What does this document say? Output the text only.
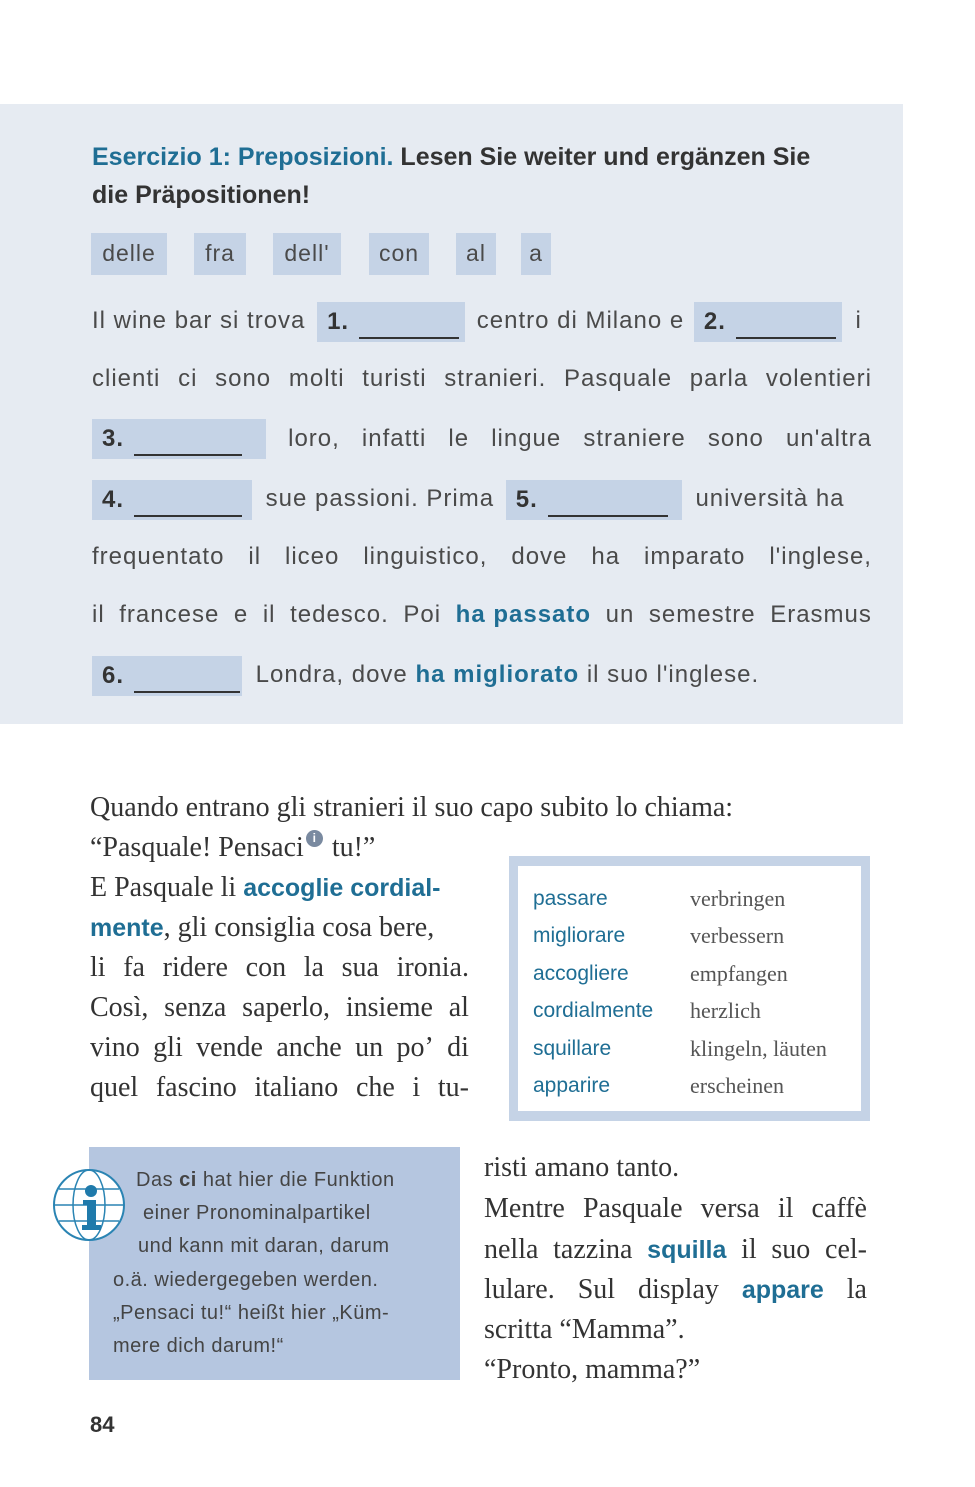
Esercizio 1: Preposizioni. Lesen Sie weiter und ergänzen Sie
die Präpositionen!
delle	fra	dell'	con	al	a
Il wine bar si trova 1.	centro di Milano e 2.	i
clienti ci sono molti turisti stranieri. Pasquale parla volentieri
3.	loro, infatti le lingue straniere sono un'altra
4.	sue passioni. Prima 5.	università ha
frequentato il liceo linguistico, dove ha imparato l'inglese,
il francese e il tedesco. Poi ha passato un semestre Erasmus
6.	Londra, dove ha migliorato il suo l'inglese.
Quando entrano gli stranieri il suo capo subito lo chiama:
“Pasquale! Pensaci i tu!”
E Pasquale li accoglie cordial-
mente, gli consiglia cosa bere,
li fa ridere con la sua ironia.
Così, senza saperlo, insieme al
vino gli vende anche un po’ di
quel fascino italiano che i tu-
passare	verbringen
migliorare	verbessern
accogliere	empfangen
cordialmente herzlich
squillare	klingeln, läuten
apparire	erscheinen
Das ci hat hier die Funktion
einer Pronominalpartikel
und kann mit daran, darum
o.ä. wiedergegeben werden.
„Pensaci tu!“ heißt hier „Küm-
mere dich darum!“
risti amano tanto.
Mentre Pasquale versa il caffè
nella tazzina squilla il suo cel-
lulare. Sul display appare la
scritta “Mamma”.
“Pronto, mamma?”
84
